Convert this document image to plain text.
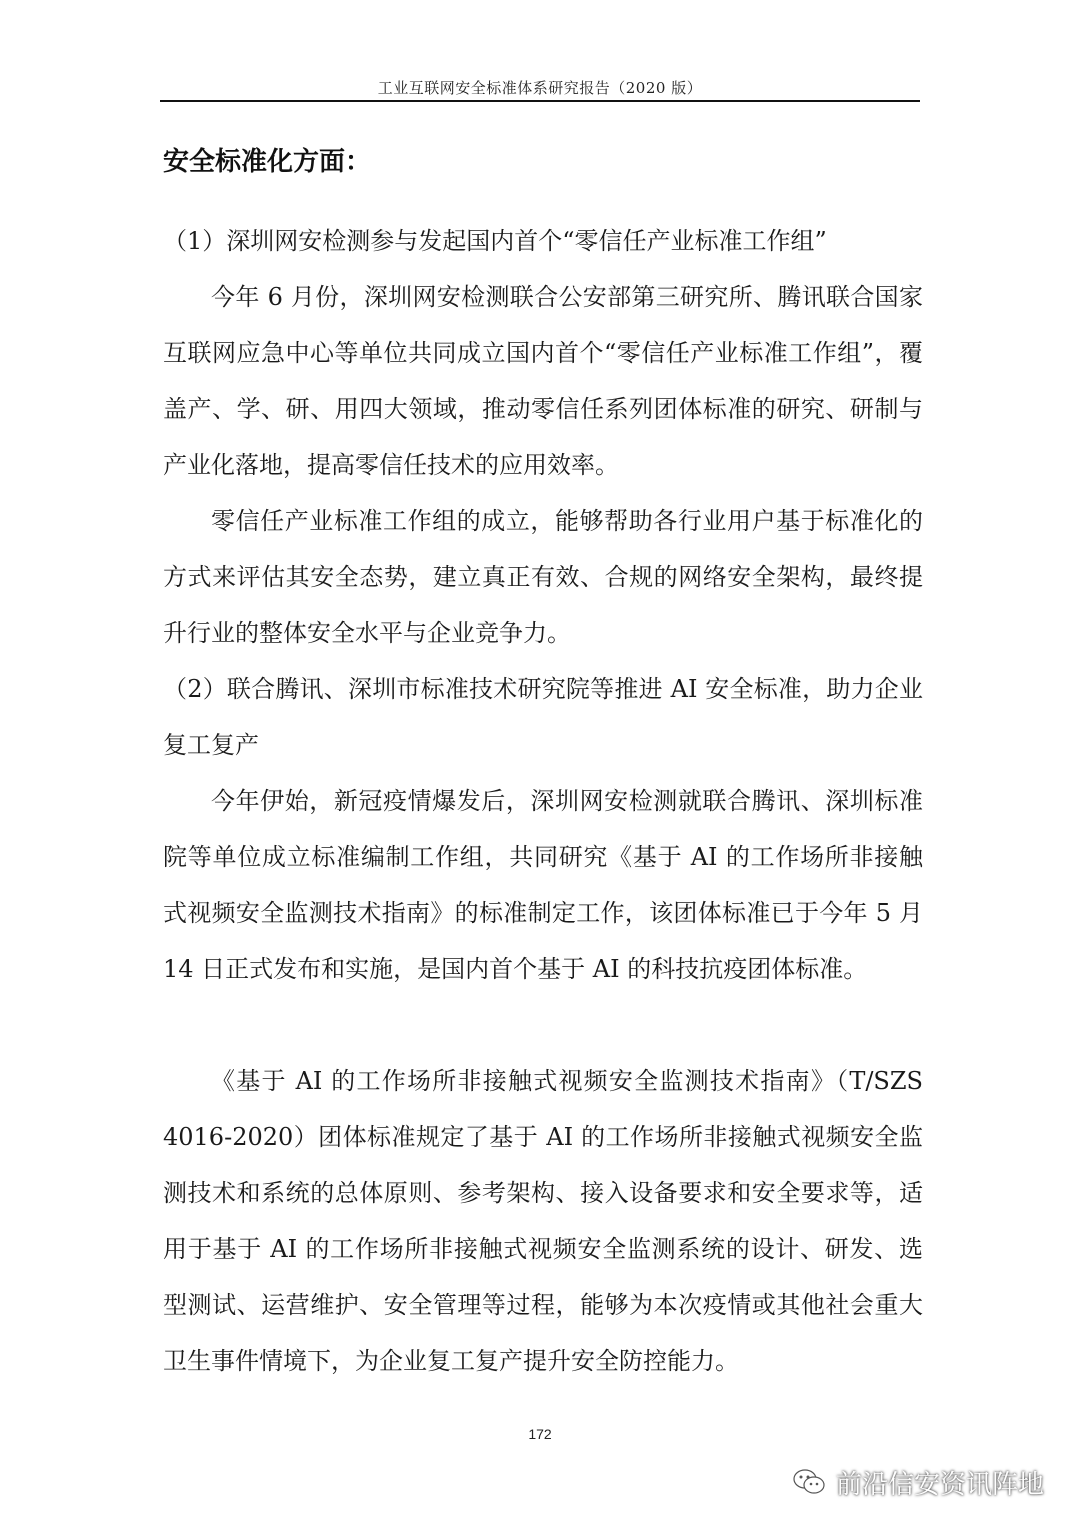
工业互联网安全标准体系研究报告（2020 版）
安全标准化方面：

（1）深圳网安检测参与发起国内首个“零信任产业标准工作组”

今年 6 月份，深圳网安检测联合公安部第三研究所、腾讯联合国家互联网应急中心等单位共同成立国内首个“零信任产业标准工作组”，覆盖产、学、研、用四大领域，推动零信任系列团体标准的研究、研制与产业化落地，提高零信任技术的应用效率。

零信任产业标准工作组的成立，能够帮助各行业用户基于标准化的方式来评估其安全态势，建立真正有效、合规的网络安全架构，最终提升行业的整体安全水平与企业竞争力。

（2）联合腾讯、深圳市标准技术研究院等推进 AI 安全标准，助力企业复工复产

今年伊始，新冠疫情爆发后，深圳网安检测就联合腾讯、深圳标准院等单位成立标准编制工作组，共同研究《基于 AI 的工作场所非接触式视频安全监测技术指南》的标准制定工作，该团体标准已于今年 5 月 14 日正式发布和实施，是国内首个基于 AI 的科技抗疫团体标准。

《基于 AI 的工作场所非接触式视频安全监测技术指南》（T/SZS 4016-2020）团体标准规定了基于 AI 的工作场所非接触式视频安全监测技术和系统的总体原则、参考架构、接入设备要求和安全要求等，适用于基于 AI 的工作场所非接触式视频安全监测系统的设计、研发、选型测试、运营维护、安全管理等过程，能够为本次疫情或其他社会重大卫生事件情境下，为企业复工复产提升安全防控能力。

172
前沿信安资讯阵地
